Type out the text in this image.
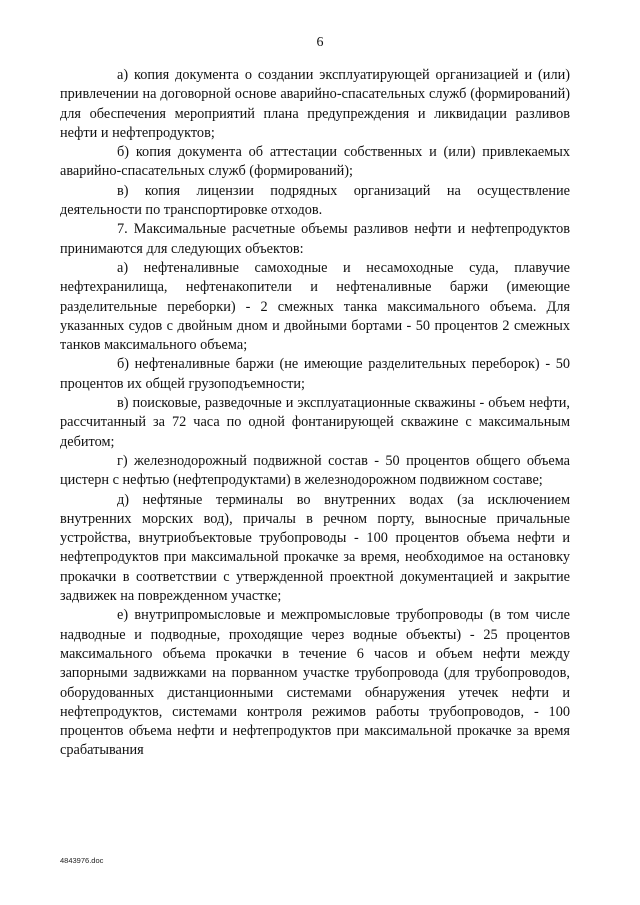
6

а) копия документа о создании эксплуатирующей организацией и (или) привлечении на договорной основе аварийно-спасательных служб (формирований) для обеспечения мероприятий плана предупреждения и ликвидации разливов нефти и нефтепродуктов;

б) копия документа об аттестации собственных и (или) привлекаемых аварийно-спасательных служб (формирований);

в) копия лицензии подрядных организаций на осуществление деятельности по транспортировке отходов.

7. Максимальные расчетные объемы разливов нефти и нефтепродуктов принимаются для следующих объектов:

а) нефтеналивные самоходные и несамоходные суда, плавучие нефтехранилища, нефтенакопители и нефтеналивные баржи (имеющие разделительные переборки) - 2 смежных танка максимального объема. Для указанных судов с двойным дном и двойными бортами - 50 процентов 2 смежных танков максимального объема;

б) нефтеналивные баржи (не имеющие разделительных переборок) - 50 процентов их общей грузоподъемности;

в) поисковые, разведочные и эксплуатационные скважины - объем нефти, рассчитанный за 72 часа по одной фонтанирующей скважине с максимальным дебитом;

г) железнодорожный подвижной состав - 50 процентов общего объема цистерн с нефтью (нефтепродуктами) в железнодорожном подвижном составе;

д) нефтяные терминалы во внутренних водах (за исключением внутренних морских вод), причалы в речном порту, выносные причальные устройства, внутриобъектовые трубопроводы - 100 процентов объема нефти и нефтепродуктов при максимальной прокачке за время, необходимое на остановку прокачки в соответствии с утвержденной проектной документацией и закрытие задвижек на поврежденном участке;

е) внутрипромысловые и межпромысловые трубопроводы (в том числе надводные и подводные, проходящие через водные объекты) - 25 процентов максимального объема прокачки в течение 6 часов и объем нефти между запорными задвижками на порванном участке трубопровода (для трубопроводов, оборудованных дистанционными системами обнаружения утечек нефти и нефтепродуктов, системами контроля режимов работы трубопроводов, - 100 процентов объема нефти и нефтепродуктов при максимальной прокачке за время срабатывания

4843976.doc
